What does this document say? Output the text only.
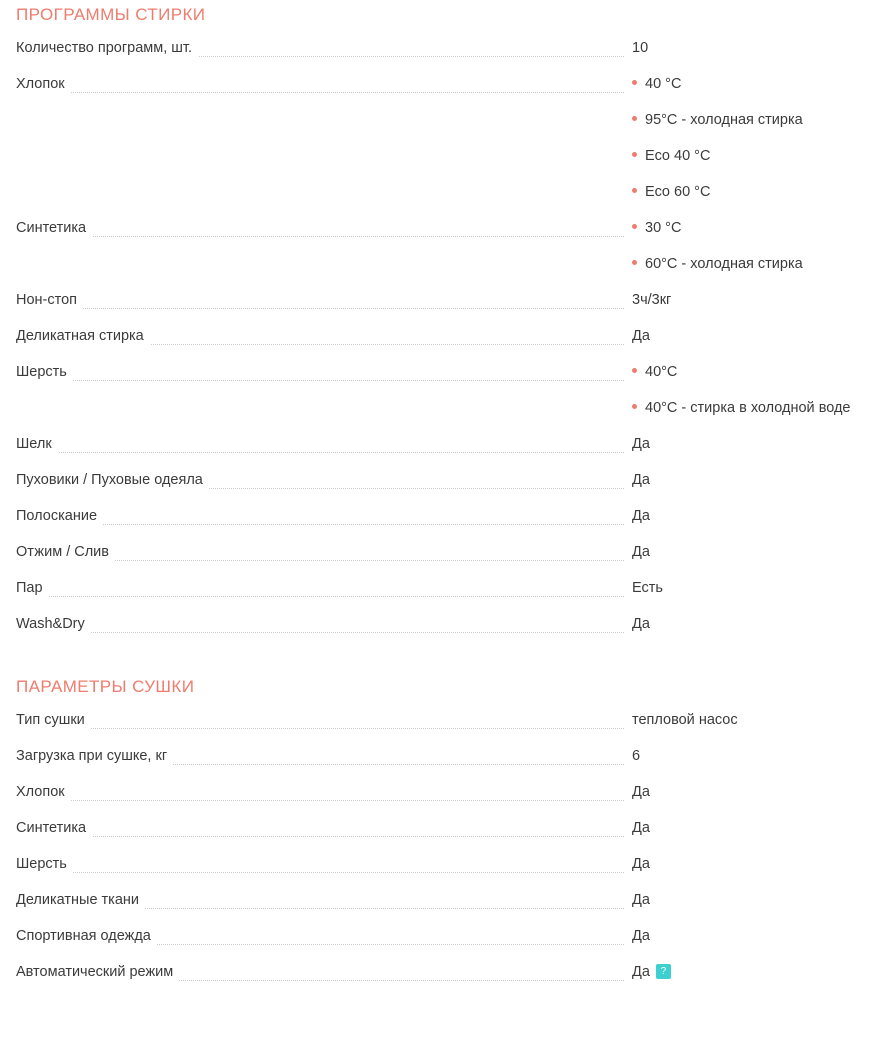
ПРОГРАММЫ СТИРКИ
Количество программ, шт.	10

Хлопок	40 °C
95°C - холодная стирка
Eco 40 °C
Eco 60 °C

Синтетика	30 °C
60°C - холодная стирка

Нон-стоп	3ч/3кг

Деликатная стирка	Да

Шерсть	40°C
40°C - стирка в холодной воде

Шелк	Да

Пуховики / Пуховые одеяла	Да

Полоскание	Да

Отжим / Слив	Да

Пар	Есть

Wash&Dry	Да
ПАРАМЕТРЫ СУШКИ
Тип сушки	тепловой насос

Загрузка при сушке, кг	6

Хлопок	Да

Синтетика	Да

Шерсть	Да

Деликатные ткани	Да

Спортивная одежда	Да

Автоматический режим	Да ?
